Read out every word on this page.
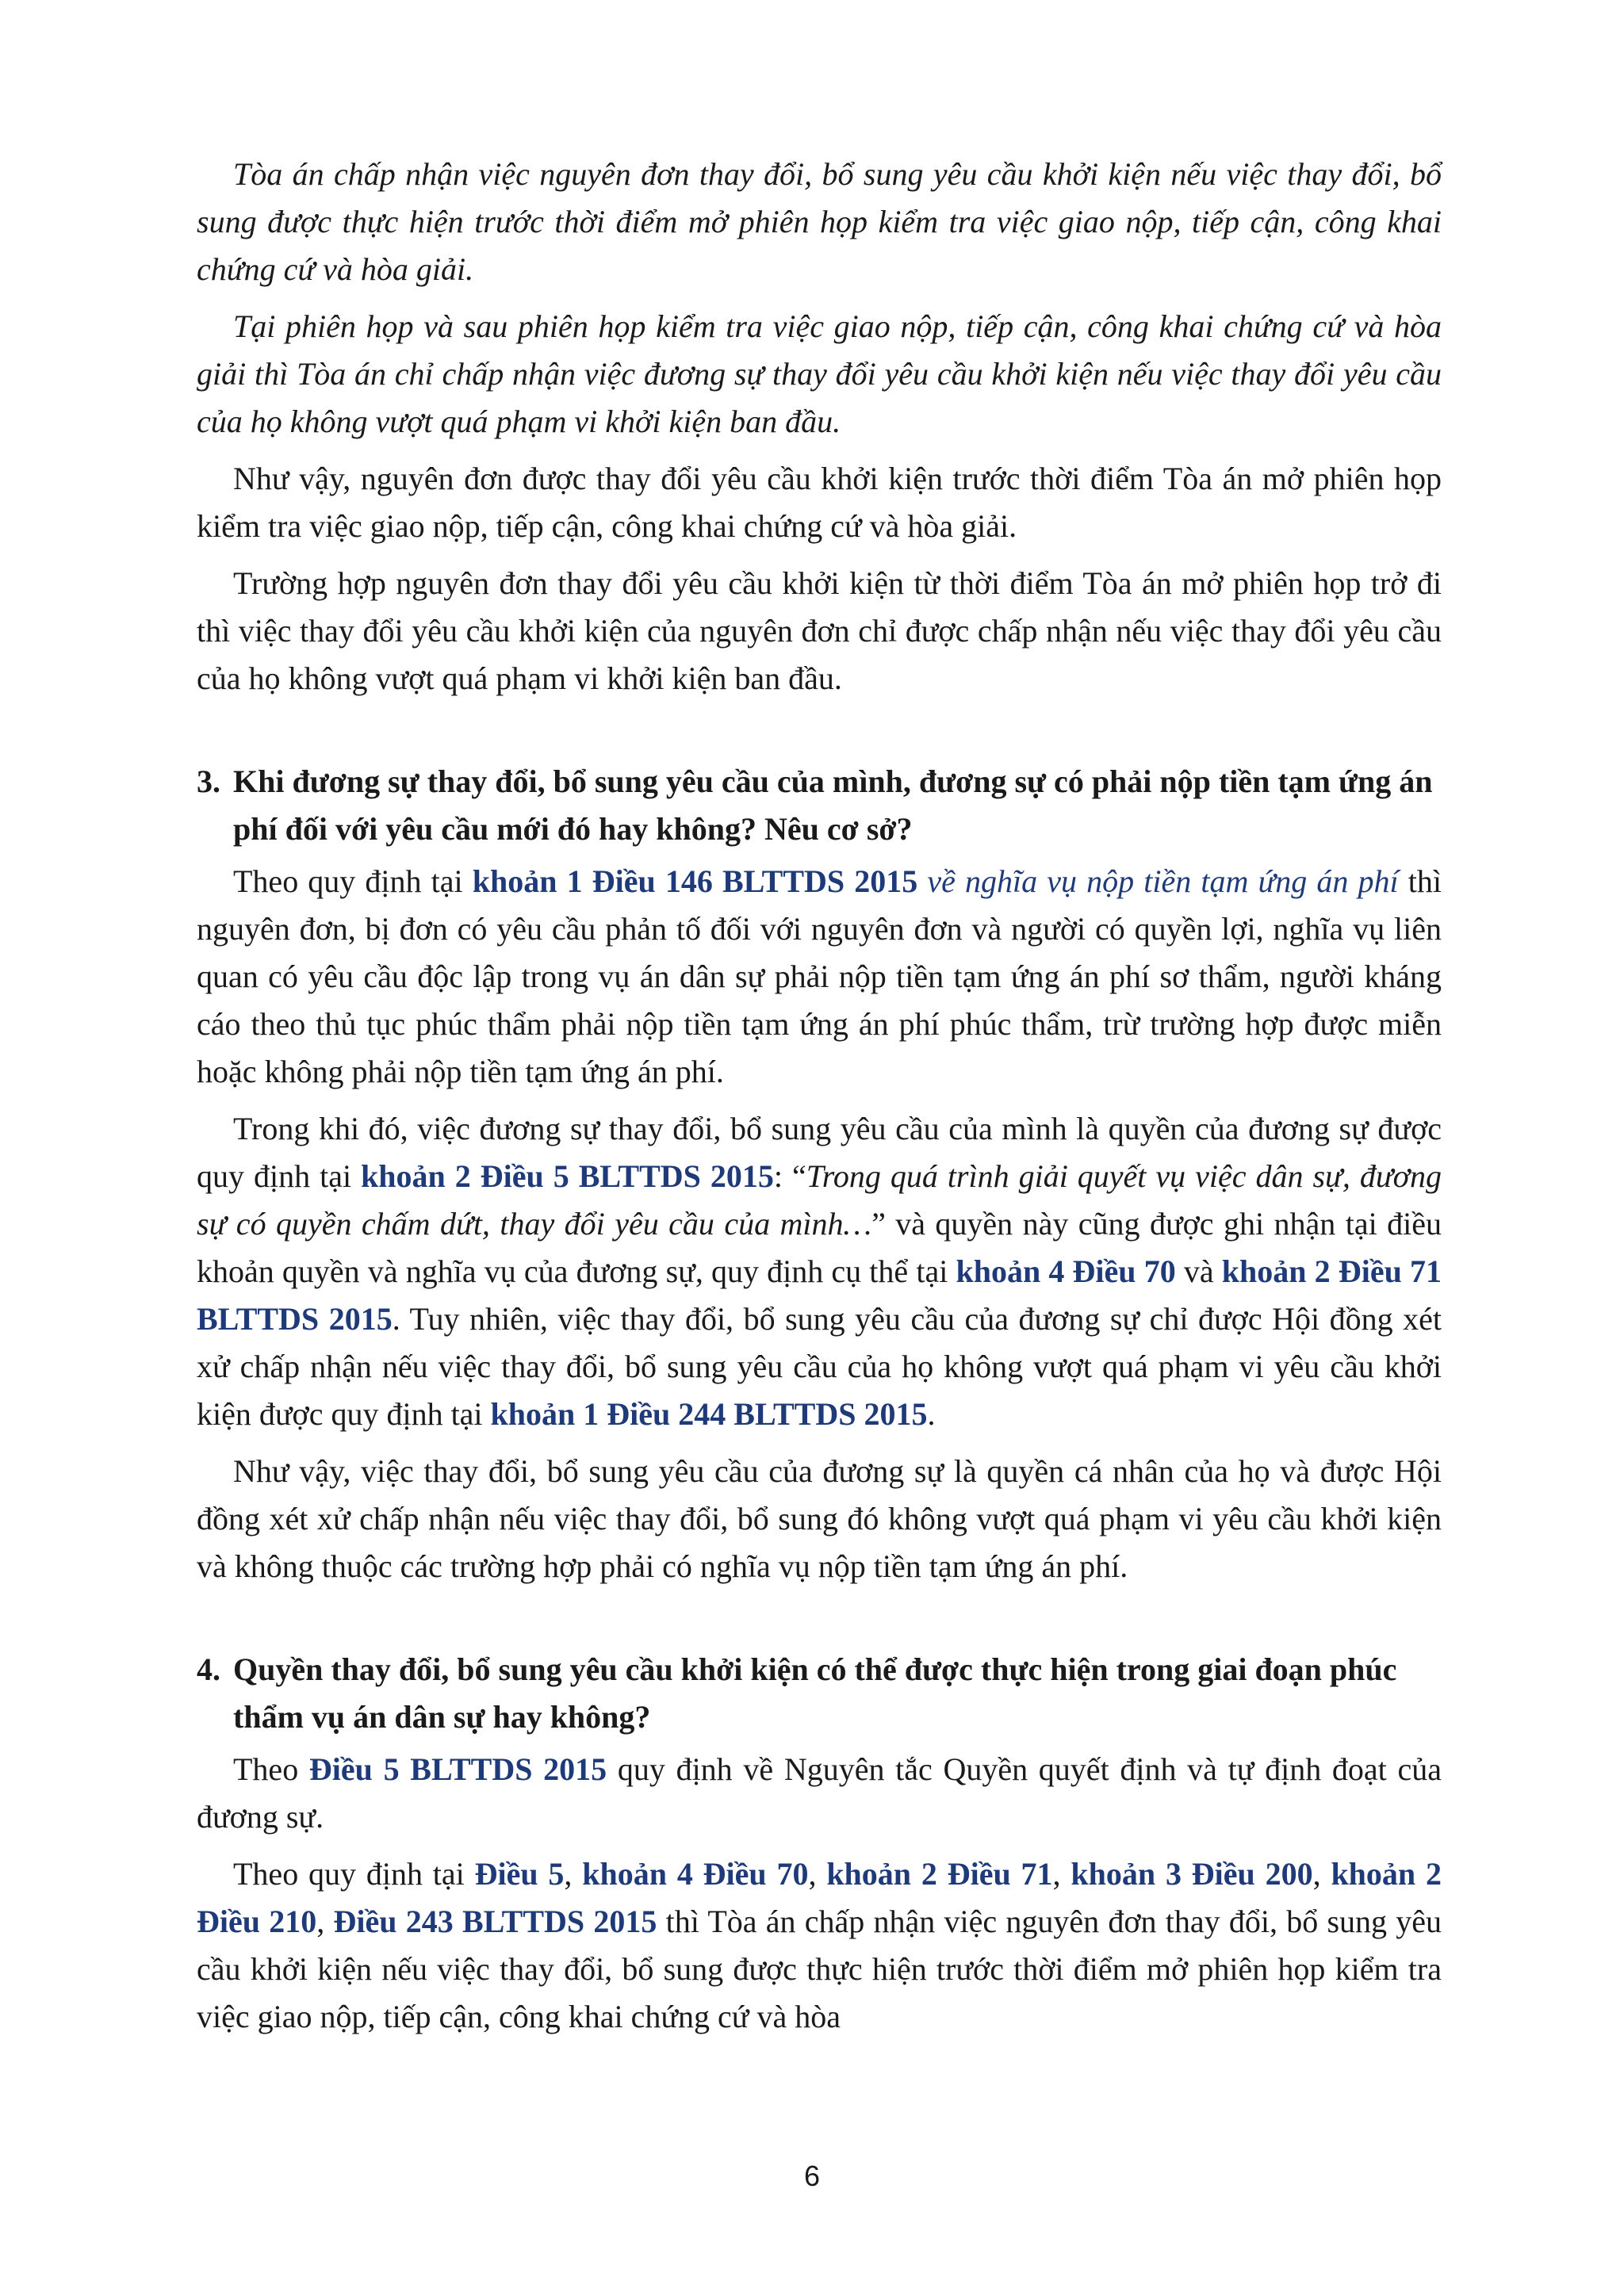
Tòa án chấp nhận việc nguyên đơn thay đổi, bổ sung yêu cầu khởi kiện nếu việc thay đổi, bổ sung được thực hiện trước thời điểm mở phiên họp kiểm tra việc giao nộp, tiếp cận, công khai chứng cứ và hòa giải.

Tại phiên họp và sau phiên họp kiểm tra việc giao nộp, tiếp cận, công khai chứng cứ và hòa giải thì Tòa án chỉ chấp nhận việc đương sự thay đổi yêu cầu khởi kiện nếu việc thay đổi yêu cầu của họ không vượt quá phạm vi khởi kiện ban đầu.

Như vậy, nguyên đơn được thay đổi yêu cầu khởi kiện trước thời điểm Tòa án mở phiên họp kiểm tra việc giao nộp, tiếp cận, công khai chứng cứ và hòa giải.

Trường hợp nguyên đơn thay đổi yêu cầu khởi kiện từ thời điểm Tòa án mở phiên họp trở đi thì việc thay đổi yêu cầu khởi kiện của nguyên đơn chỉ được chấp nhận nếu việc thay đổi yêu cầu của họ không vượt quá phạm vi khởi kiện ban đầu.

3. Khi đương sự thay đổi, bổ sung yêu cầu của mình, đương sự có phải nộp tiền tạm ứng án phí đối với yêu cầu mới đó hay không? Nêu cơ sở?

Theo quy định tại khoản 1 Điều 146 BLTTDS 2015 về nghĩa vụ nộp tiền tạm ứng án phí thì nguyên đơn, bị đơn có yêu cầu phản tố đối với nguyên đơn và người có quyền lợi, nghĩa vụ liên quan có yêu cầu độc lập trong vụ án dân sự phải nộp tiền tạm ứng án phí sơ thẩm, người kháng cáo theo thủ tục phúc thẩm phải nộp tiền tạm ứng án phí phúc thẩm, trừ trường hợp được miễn hoặc không phải nộp tiền tạm ứng án phí.

Trong khi đó, việc đương sự thay đổi, bổ sung yêu cầu của mình là quyền của đương sự được quy định tại khoản 2 Điều 5 BLTTDS 2015: “Trong quá trình giải quyết vụ việc dân sự, đương sự có quyền chấm dứt, thay đổi yêu cầu của mình…” và quyền này cũng được ghi nhận tại điều khoản quyền và nghĩa vụ của đương sự, quy định cụ thể tại khoản 4 Điều 70 và khoản 2 Điều 71 BLTTDS 2015. Tuy nhiên, việc thay đổi, bổ sung yêu cầu của đương sự chỉ được Hội đồng xét xử chấp nhận nếu việc thay đổi, bổ sung yêu cầu của họ không vượt quá phạm vi yêu cầu khởi kiện được quy định tại khoản 1 Điều 244 BLTTDS 2015.

Như vậy, việc thay đổi, bổ sung yêu cầu của đương sự là quyền cá nhân của họ và được Hội đồng xét xử chấp nhận nếu việc thay đổi, bổ sung đó không vượt quá phạm vi yêu cầu khởi kiện và không thuộc các trường hợp phải có nghĩa vụ nộp tiền tạm ứng án phí.

4. Quyền thay đổi, bổ sung yêu cầu khởi kiện có thể được thực hiện trong giai đoạn phúc thẩm vụ án dân sự hay không?

Theo Điều 5 BLTTDS 2015 quy định về Nguyên tắc Quyền quyết định và tự định đoạt của đương sự.

Theo quy định tại Điều 5, khoản 4 Điều 70, khoản 2 Điều 71, khoản 3 Điều 200, khoản 2 Điều 210, Điều 243 BLTTDS 2015 thì Tòa án chấp nhận việc nguyên đơn thay đổi, bổ sung yêu cầu khởi kiện nếu việc thay đổi, bổ sung được thực hiện trước thời điểm mở phiên họp kiểm tra việc giao nộp, tiếp cận, công khai chứng cứ và hòa

6
